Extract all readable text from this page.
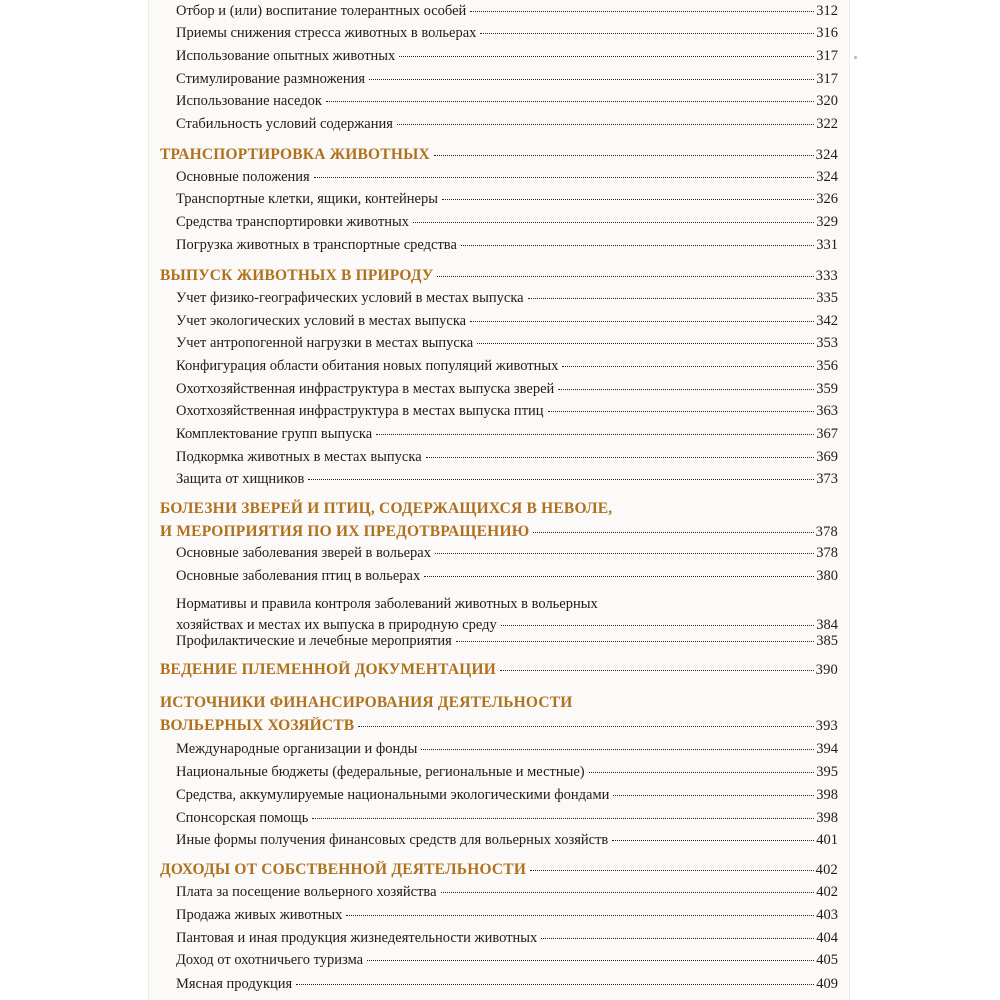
Отбор и (или) воспитание толерантных особей	312
Приемы снижения стресса животных в вольерах	316
Использование опытных животных	317
Стимулирование размножения	317
Использование наседок	320
Стабильность условий содержания	322
ТРАНСПОРТИРОВКА ЖИВОТНЫХ	324
Основные положения	324
Транспортные клетки, ящики, контейнеры	326
Средства транспортировки животных	329
Погрузка животных в транспортные средства	331
ВЫПУСК ЖИВОТНЫХ В ПРИРОДУ	333
Учет физико-географических условий в местах выпуска	335
Учет экологических условий в местах выпуска	342
Учет антропогенной нагрузки в местах выпуска	353
Конфигурация области обитания новых популяций животных	356
Охотхозяйственная инфраструктура в местах выпуска зверей	359
Охотхозяйственная инфраструктура в местах выпуска птиц	363
Комплектование групп выпуска	367
Подкормка животных в местах выпуска	369
Защита от хищников	373
БОЛЕЗНИ ЗВЕРЕЙ И ПТИЦ, СОДЕРЖАЩИХСЯ В НЕВОЛЕ,
И МЕРОПРИЯТИЯ ПО ИХ ПРЕДОТВРАЩЕНИЮ	378
Основные заболевания зверей в вольерах	378
Основные заболевания птиц в вольерах	380
Нормативы и правила контроля заболеваний животных в вольерных
хозяйствах и местах их выпуска в природную среду	384
Профилактические и лечебные мероприятия	385
ВЕДЕНИЕ ПЛЕМЕННОЙ ДОКУМЕНТАЦИИ	390
ИСТОЧНИКИ ФИНАНСИРОВАНИЯ ДЕЯТЕЛЬНОСТИ
ВОЛЬЕРНЫХ ХОЗЯЙСТВ	393
Международные организации и фонды	394
Национальные бюджеты (федеральные, региональные и местные)	395
Средства, аккумулируемые национальными экологическими фондами	398
Спонсорская помощь	398
Иные формы получения финансовых средств для вольерных хозяйств	401
ДОХОДЫ ОТ СОБСТВЕННОЙ ДЕЯТЕЛЬНОСТИ	402
Плата за посещение вольерного хозяйства	402
Продажа живых животных	403
Пантовая и иная продукция жизнедеятельности животных	404
Доход от охотничьего туризма	405
Мясная продукция	409
